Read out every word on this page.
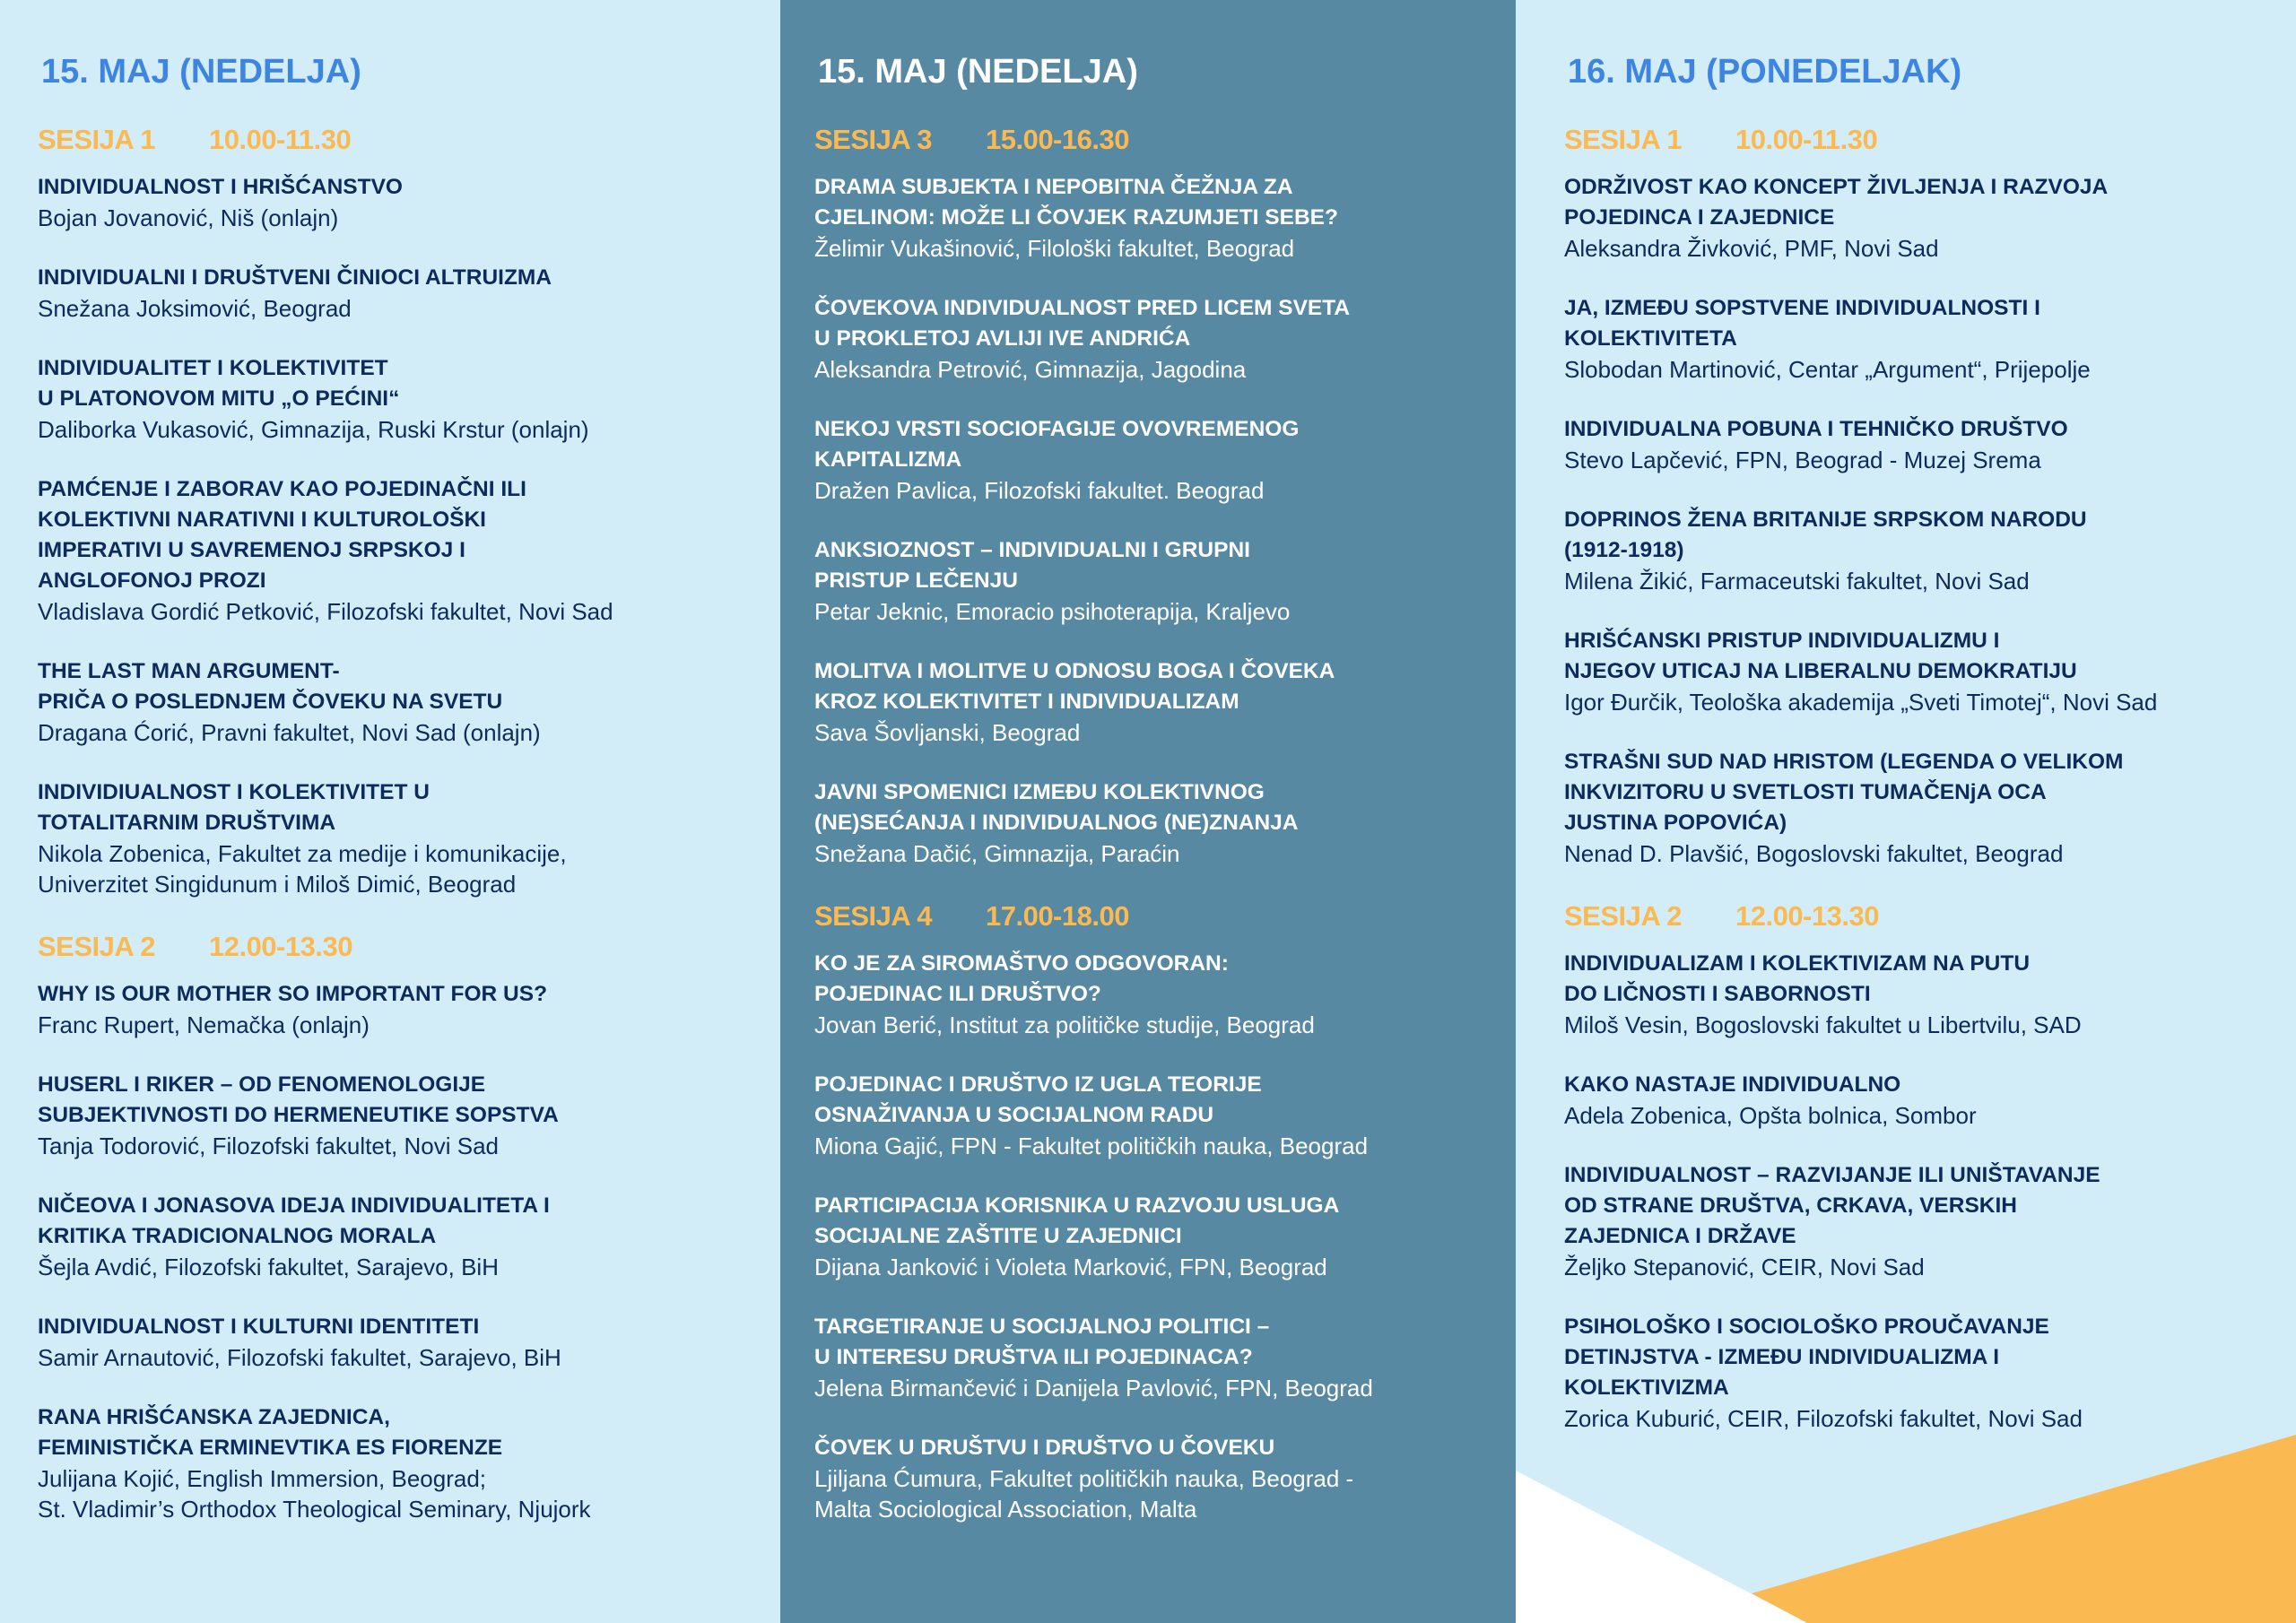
15. MAJ (NEDELJA)
SESIJA 1 10.00-11.30
INDIVIDUALNOST I HRIŠĆANSTVO
Bojan Jovanović, Niš (onlajn)
INDIVIDUALNI I DRUŠTVENI ČINIOCI ALTRUIZMA
Snežana Joksimović, Beograd
INDIVIDUALITET I KOLEKTIVITET
U PLATONOVOM MITU „O PEĆINI“
Daliborka Vukasović, Gimnazija, Ruski Krstur (onlajn)
PAMĆENJE I ZABORAV KAO POJEDINAČNI ILI
KOLEKTIVNI NARATIVNI I KULTUROLOŠKI
IMPERATIVI U SAVREMENOJ SRPSKOJ I
ANGLOFONOJ PROZI
Vladislava Gordić Petković, Filozofski fakultet, Novi Sad
THE LAST MAN ARGUMENT-
PRIČA O POSLEDNJEM ČOVEKU NA SVETU
Dragana Ćorić, Pravni fakultet, Novi Sad (onlajn)
INDIVIDIUALNOST I KOLEKTIVITET U
TOTALITARNIM DRUŠTVIMA
Nikola Zobenica, Fakultet za medije i komunikacije,
Univerzitet Singidunum i Miloš Dimić, Beograd
SESIJA 2 12.00-13.30
WHY IS OUR MOTHER SO IMPORTANT FOR US?
Franc Rupert, Nemačka (onlajn)
HUSERL I RIKER – OD FENOMENOLOGIJE
SUBJEKTIVNOSTI DO HERMENEUTIKE SOPSTVA
Tanja Todorović, Filozofski fakultet, Novi Sad
NIČEOVA I JONASOVA IDEJA INDIVIDUALITETA I
KRITIKA TRADICIONALNOG MORALA
Šejla Avdić, Filozofski fakultet, Sarajevo, BiH
INDIVIDUALNOST I KULTURNI IDENTITETI
Samir Arnautović, Filozofski fakultet, Sarajevo, BiH
RANA HRIŠĆANSKA ZAJEDNICA,
FEMINISTIČKA ERMINEVTIKA ES FIORENZE
Julijana Kojić, English Immersion, Beograd;
St. Vladimir’s Orthodox Theological Seminary, Njujork
15. MAJ (NEDELJA)
SESIJA 3 15.00-16.30
DRAMA SUBJEKTA I NEPOBITNA ČEŽNJA ZA
CJELINOM: MOŽE LI ČOVJEK RAZUMJETI SEBE?
Želimir Vukašinović, Filološki fakultet, Beograd
ČOVEKOVA INDIVIDUALNOST PRED LICEM SVETA
U PROKLETOJ AVLIJI IVE ANDRIĆA
Aleksandra Petrović, Gimnazija, Jagodina
NEKOJ VRSTI SOCIOFAGIJE OVOVREMENOG
KAPITALIZMA
Dražen Pavlica, Filozofski fakultet. Beograd
ANKSIOZNOST – INDIVIDUALNI I GRUPNI
PRISTUP LEČENJU
Petar Jeknic, Emoracio psihoterapija, Kraljevo
MOLITVA I MOLITVE U ODNOSU BOGA I ČOVEKA
KROZ KOLEKTIVITET I INDIVIDUALIZAM
Sava Šovljanski, Beograd
JAVNI SPOMENICI IZMEĐU KOLEKTIVNOG
(NE)SEĆANJA I INDIVIDUALNOG (NE)ZNANJA
Snežana Dačić, Gimnazija, Paraćin
SESIJA 4 17.00-18.00
KO JE ZA SIROMAŠTVO ODGOVORAN:
POJEDINAC ILI DRUŠTVO?
Jovan Berić, Institut za političke studije, Beograd
POJEDINAC I DRUŠTVO IZ UGLA TEORIJE
OSNAŽIVANJA U SOCIJALNOM RADU
Miona Gajić, FPN - Fakultet političkih nauka, Beograd
PARTICIPACIJA KORISNIKA U RAZVOJU USLUGA
SOCIJALNE ZAŠTITE U ZAJEDNICI
Dijana Janković i Violeta Marković, FPN, Beograd
TARGETIRANJE U SOCIJALNOJ POLITICI –
U INTERESU DRUŠTVA ILI POJEDINACA?
Jelena Birmančević i Danijela Pavlović, FPN, Beograd
ČOVEK U DRUŠTVU I DRUŠTVO U ČOVEKU
Ljiljana Ćumura, Fakultet političkih nauka, Beograd -
Malta Sociological Association, Malta
16. MAJ (PONEDELJAK)
SESIJA 1 10.00-11.30
ODRŽIVOST KAO KONCEPT ŽIVLJENJA I RAZVOJA
POJEDINCA I ZAJEDNICE
Aleksandra Živković, PMF, Novi Sad
JA, IZMEĐU SOPSTVENE INDIVIDUALNOSTI I
KOLEKTIVITETA
Slobodan Martinović, Centar „Argument“, Prijepolje
INDIVIDUALNA POBUNA I TEHNIČKO DRUŠTVO
Stevo Lapčević, FPN, Beograd - Muzej Srema
DOPRINOS ŽENA BRITANIJE SRPSKOM NARODU
(1912-1918)
Milena Žikić, Farmaceutski fakultet, Novi Sad
HRIŠĆANSKI PRISTUP INDIVIDUALIZMU I
NJEGOV UTICAJ NA LIBERALNU DEMOKRATIJU
Igor Đurčik, Teološka akademija „Sveti Timotej“, Novi Sad
STRAŠNI SUD NAD HRISTOM (LEGENDA O VELIKOM
INKVIZITORU U SVETLOSTI TUMAČENjA OCA
JUSTINA POPOVIĆA)
Nenad D. Plavšić, Bogoslovski fakultet, Beograd
SESIJA 2 12.00-13.30
INDIVIDUALIZAM I KOLEKTIVIZAM NA PUTU
DO LIČNOSTI I SABORNOSTI
Miloš Vesin, Bogoslovski fakultet u Libertvilu, SAD
KAKO NASTAJE INDIVIDUALNO
Adela Zobenica, Opšta bolnica, Sombor
INDIVIDUALNOST – RAZVIJANJE ILI UNIŠTAVANJE
OD STRANE DRUŠTVA, CRKAVA, VERSKIH
ZAJEDNICA I DRŽAVE
Željko Stepanović, CEIR, Novi Sad
PSIHOLOŠKO I SOCIOLOŠKO PROUČAVANJE
DETINJSTVA - IZMEĐU INDIVIDUALIZMA I
KOLEKTIVIZMA
Zorica Kuburić, CEIR, Filozofski fakultet, Novi Sad
